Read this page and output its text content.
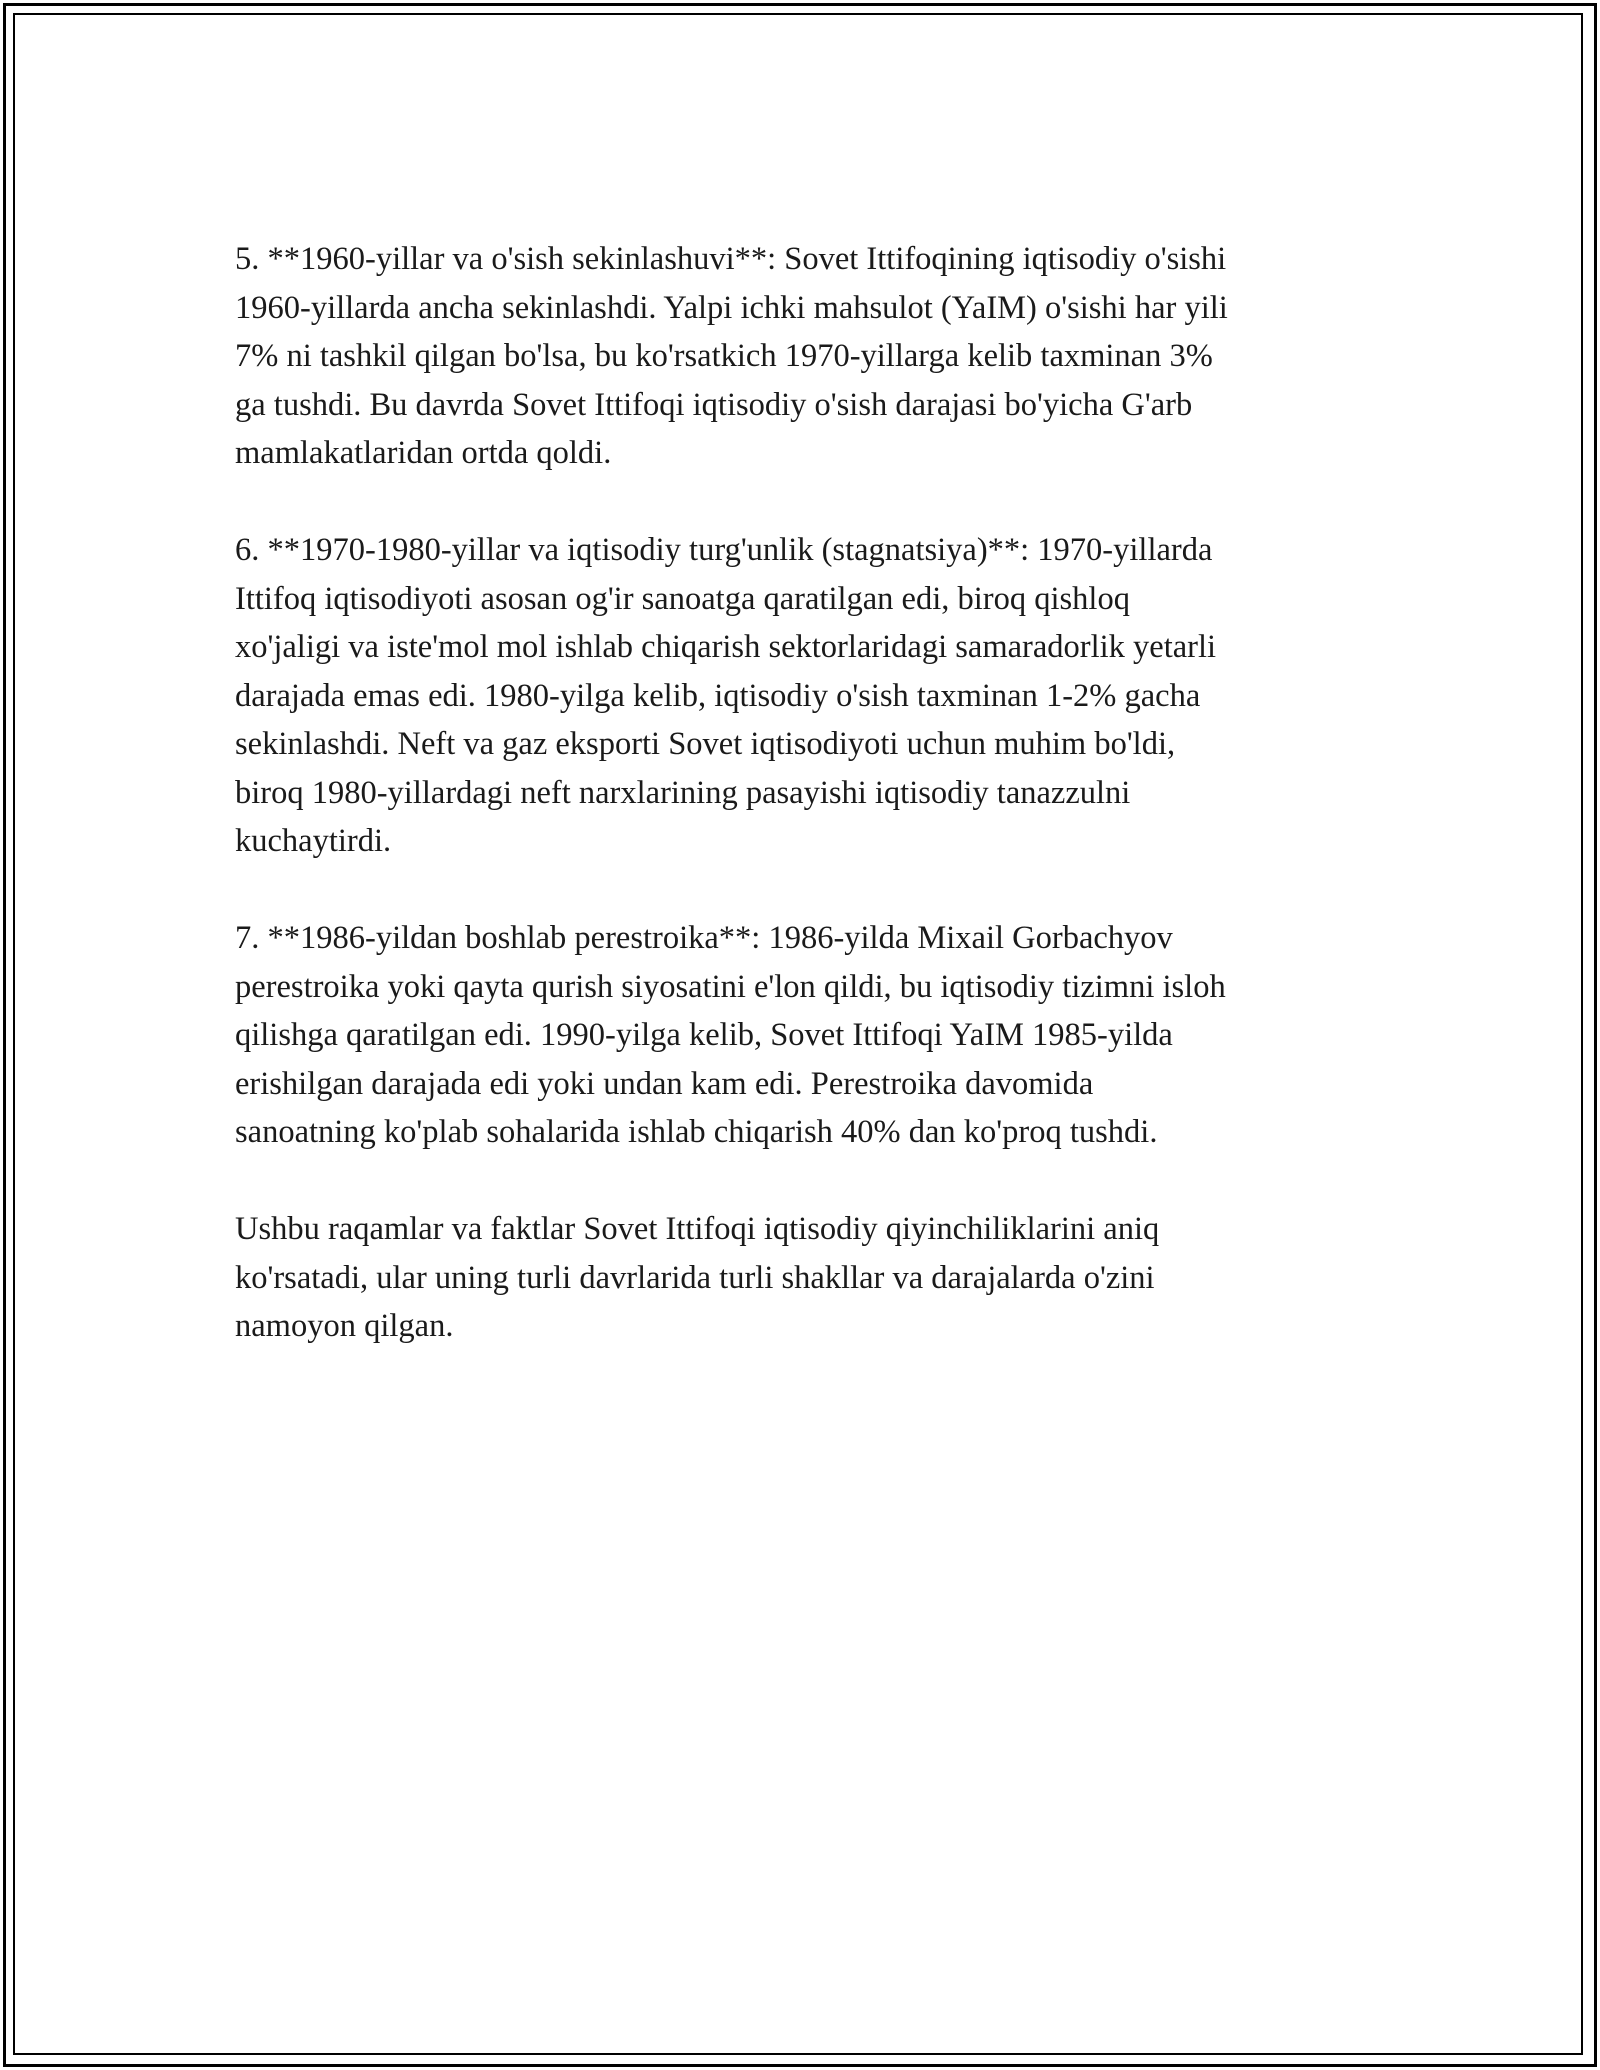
5. **1960-yillar va o'sish sekinlashuvi**: Sovet Ittifoqining iqtisodiy o'sishi
1960-yillarda ancha sekinlashdi. Yalpi ichki mahsulot (YaIM) o'sishi har yili
7% ni tashkil qilgan bo'lsa, bu ko'rsatkich 1970-yillarga kelib taxminan 3%
ga tushdi. Bu davrda Sovet Ittifoqi iqtisodiy o'sish darajasi bo'yicha G'arb
mamlakatlaridan ortda qoldi.

6. **1970-1980-yillar va iqtisodiy turg'unlik (stagnatsiya)**: 1970-yillarda
Ittifoq iqtisodiyoti asosan og'ir sanoatga qaratilgan edi, biroq qishloq
xo'jaligi va iste'mol mol ishlab chiqarish sektorlaridagi samaradorlik yetarli
darajada emas edi. 1980-yilga kelib, iqtisodiy o'sish taxminan 1-2% gacha
sekinlashdi. Neft va gaz eksporti Sovet iqtisodiyoti uchun muhim bo'ldi,
biroq 1980-yillardagi neft narxlarining pasayishi iqtisodiy tanazzulni
kuchaytirdi.

7. **1986-yildan boshlab perestroika**: 1986-yilda Mixail Gorbachyov
perestroika yoki qayta qurish siyosatini e'lon qildi, bu iqtisodiy tizimni isloh
qilishga qaratilgan edi. 1990-yilga kelib, Sovet Ittifoqi YaIM 1985-yilda
erishilgan darajada edi yoki undan kam edi. Perestroika davomida
sanoatning ko'plab sohalarida ishlab chiqarish 40% dan ko'proq tushdi.

Ushbu raqamlar va faktlar Sovet Ittifoqi iqtisodiy qiyinchiliklarini aniq
ko'rsatadi, ular uning turli davrlarida turli shakllar va darajalarda o'zini
namoyon qilgan.
